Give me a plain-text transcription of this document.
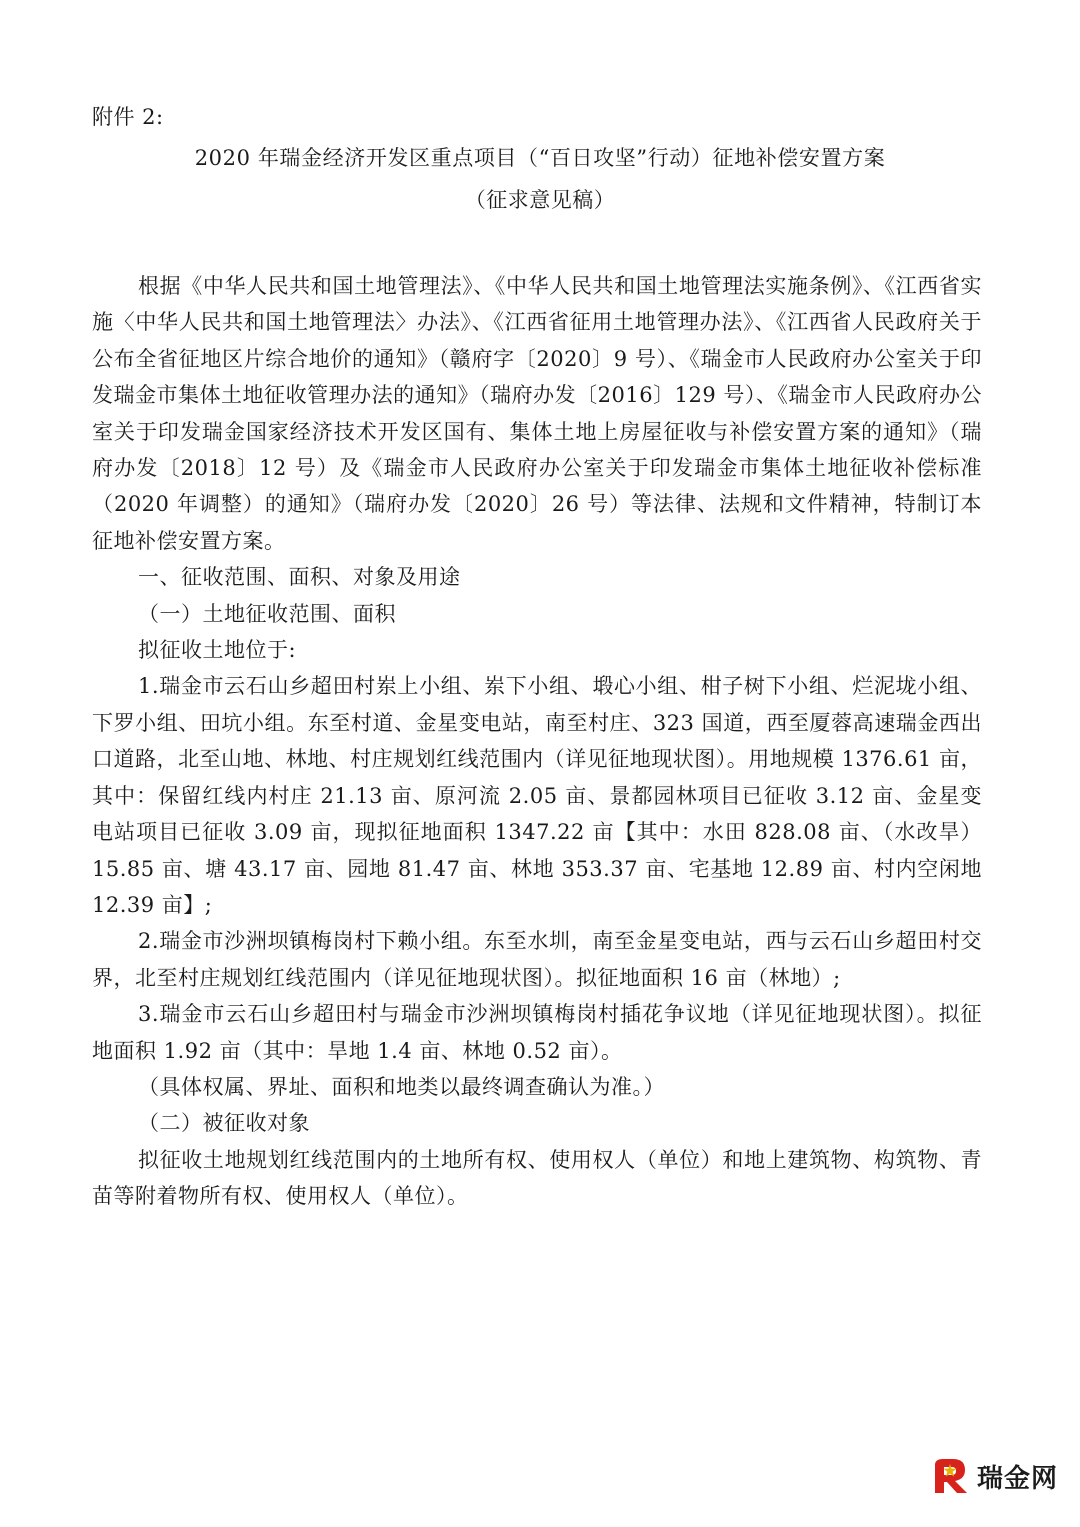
附件 2:
2020 年瑞金经济开发区重点项目（“百日攻坚”行动）征地补偿安置方案
（征求意见稿）

根据《中华人民共和国土地管理法》、《中华人民共和国土地管理法实施条例》、《江西省实施〈中华人民共和国土地管理法〉办法》、《江西省征用土地管理办法》、《江西省人民政府关于公布全省征地区片综合地价的通知》（赣府字〔2020〕9 号）、《瑞金市人民政府办公室关于印发瑞金市集体土地征收管理办法的通知》（瑞府办发〔2016〕129 号）、《瑞金市人民政府办公室关于印发瑞金国家经济技术开发区国有、集体土地上房屋征收与补偿安置方案的通知》（瑞府办发〔2018〕12 号）及《瑞金市人民政府办公室关于印发瑞金市集体土地征收补偿标准（2020 年调整）的通知》（瑞府办发〔2020〕26 号）等法律、法规和文件精神，特制订本征地补偿安置方案。

一、征收范围、面积、对象及用途

（一）土地征收范围、面积

拟征收土地位于:

1.瑞金市云石山乡超田村岽上小组、岽下小组、塅心小组、柑子树下小组、烂泥垅小组、下罗小组、田坑小组。东至村道、金星变电站，南至村庄、323 国道，西至厦蓉高速瑞金西出口道路，北至山地、林地、村庄规划红线范围内（详见征地现状图）。用地规模 1376.61 亩，其中：保留红线内村庄 21.13 亩、原河流 2.05 亩、景都园林项目已征收 3.12 亩、金星变电站项目已征收 3.09 亩，现拟征地面积 1347.22 亩【其中：水田 828.08 亩、（水改旱）15.85 亩、塘 43.17 亩、园地 81.47 亩、林地 353.37 亩、宅基地 12.89 亩、村内空闲地 12.39 亩】;

2.瑞金市沙洲坝镇梅岗村下赖小组。东至水圳，南至金星变电站，西与云石山乡超田村交界，北至村庄规划红线范围内（详见征地现状图）。拟征地面积 16 亩（林地）;

3.瑞金市云石山乡超田村与瑞金市沙洲坝镇梅岗村插花争议地（详见征地现状图）。拟征地面积 1.92 亩（其中：旱地 1.4 亩、林地 0.52 亩）。

（具体权属、界址、面积和地类以最终调查确认为准。）

（二）被征收对象

拟征收土地规划红线范围内的土地所有权、使用权人（单位）和地上建筑物、构筑物、青苗等附着物所有权、使用权人（单位）。

瑞金网
